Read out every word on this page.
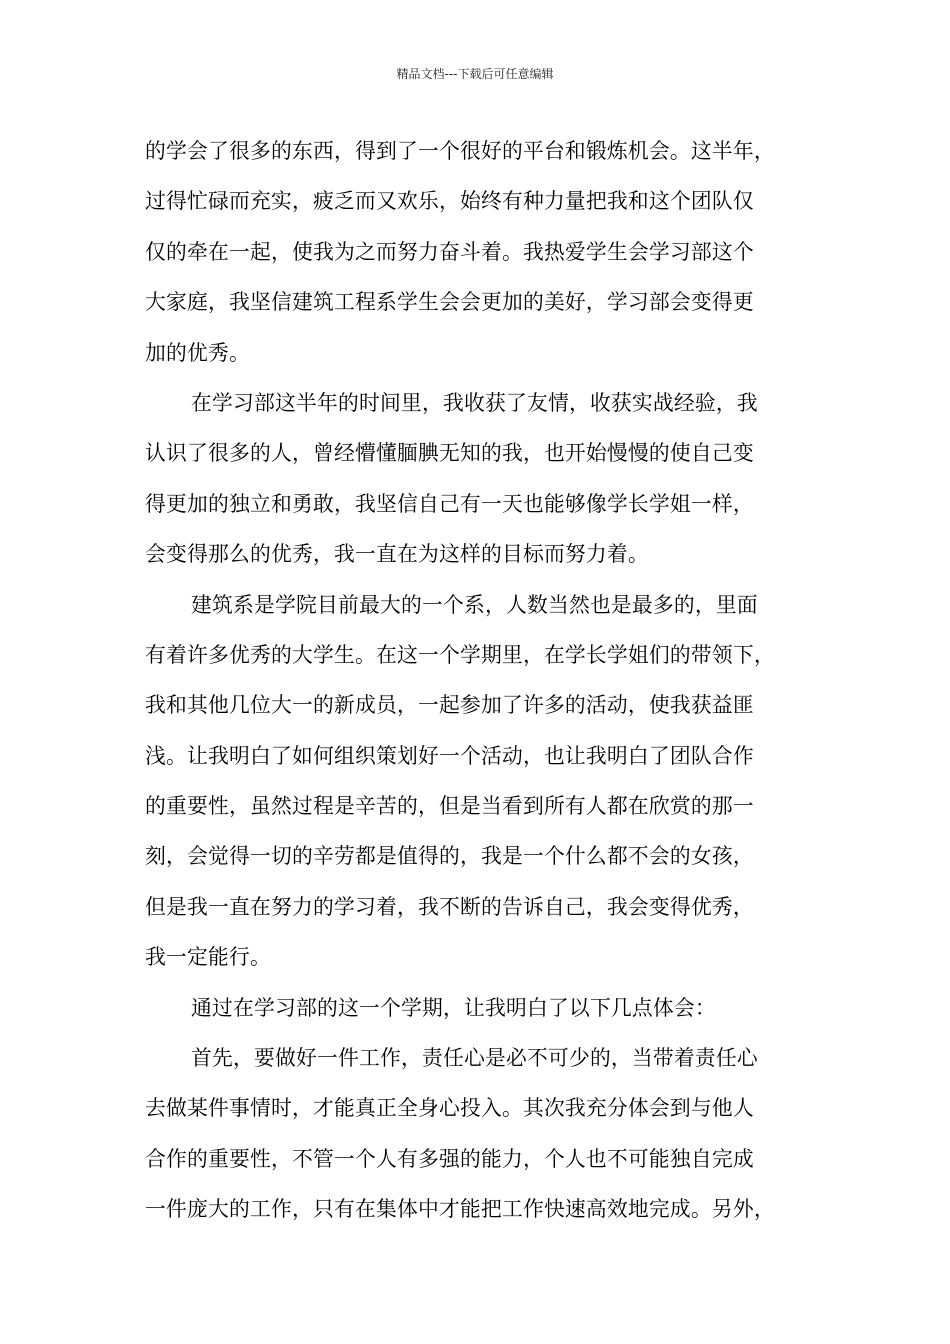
精品文档---下载后可任意编辑
的学会了很多的东西，得到了一个很好的平台和锻炼机会。这半年，
过得忙碌而充实，疲乏而又欢乐，始终有种力量把我和这个团队仅
仅的牵在一起，使我为之而努力奋斗着。我热爱学生会学习部这个
大家庭，我坚信建筑工程系学生会会更加的美好，学习部会变得更
加的优秀。
在学习部这半年的时间里，我收获了友情，收获实战经验，我
认识了很多的人，曾经懵懂腼腆无知的我，也开始慢慢的使自己变
得更加的独立和勇敢，我坚信自己有一天也能够像学长学姐一样，
会变得那么的优秀，我一直在为这样的目标而努力着。
建筑系是学院目前最大的一个系，人数当然也是最多的，里面
有着许多优秀的大学生。在这一个学期里，在学长学姐们的带领下，
我和其他几位大一的新成员，一起参加了许多的活动，使我获益匪
浅。让我明白了如何组织策划好一个活动，也让我明白了团队合作
的重要性，虽然过程是辛苦的，但是当看到所有人都在欣赏的那一
刻，会觉得一切的辛劳都是值得的，我是一个什么都不会的女孩，
但是我一直在努力的学习着，我不断的告诉自己，我会变得优秀，
我一定能行。
通过在学习部的这一个学期，让我明白了以下几点体会：
首先，要做好一件工作，责任心是必不可少的，当带着责任心
去做某件事情时，才能真正全身心投入。其次我充分体会到与他人
合作的重要性，不管一个人有多强的能力，个人也不可能独自完成
一件庞大的工作，只有在集体中才能把工作快速高效地完成。另外，
